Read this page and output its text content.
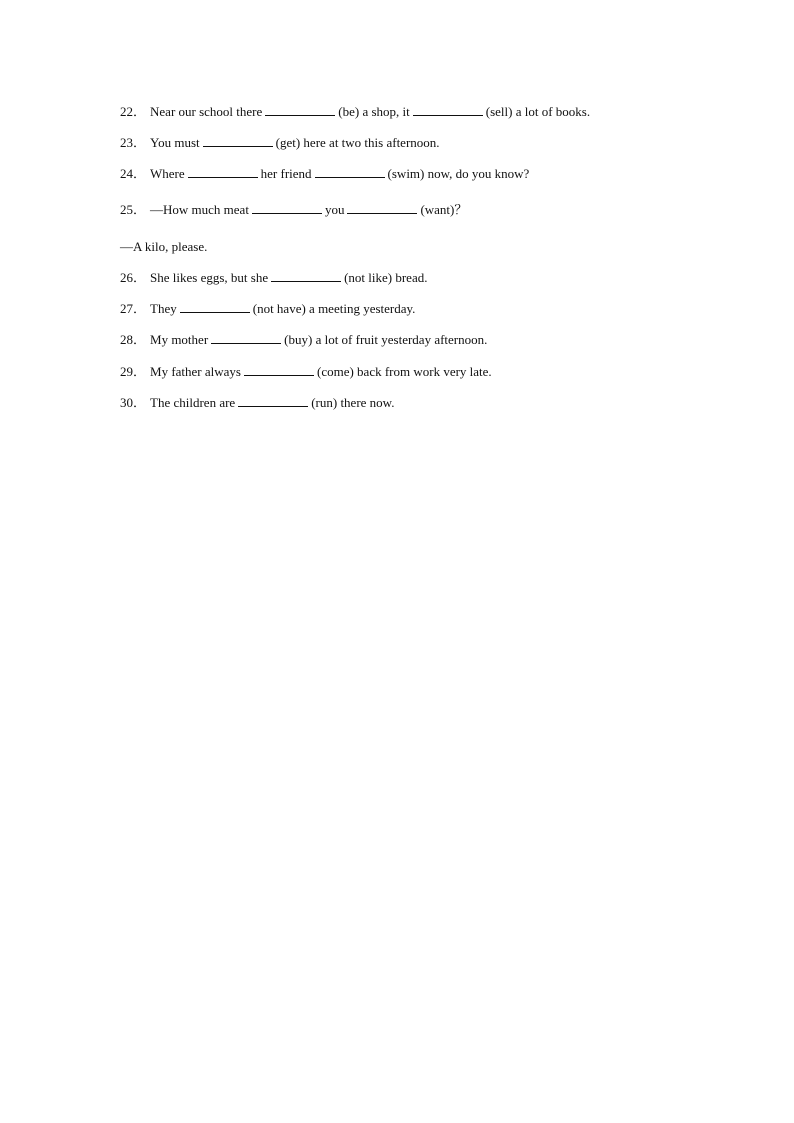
22． Near our school there	(be) a shop, it	(sell) a lot of books.
23． You must	(get) here at two this afternoon.
24． Where	her friend	(swim) now, do you know?
25． —How much meat	you	(want)？
—A kilo, please.
26． She likes eggs, but she	(not like) bread.
27． They	(not have) a meeting yesterday.
28． My mother	(buy) a lot of fruit yesterday afternoon.
29． My father always	(come) back from work very late.
30． The children are	(run) there now.
